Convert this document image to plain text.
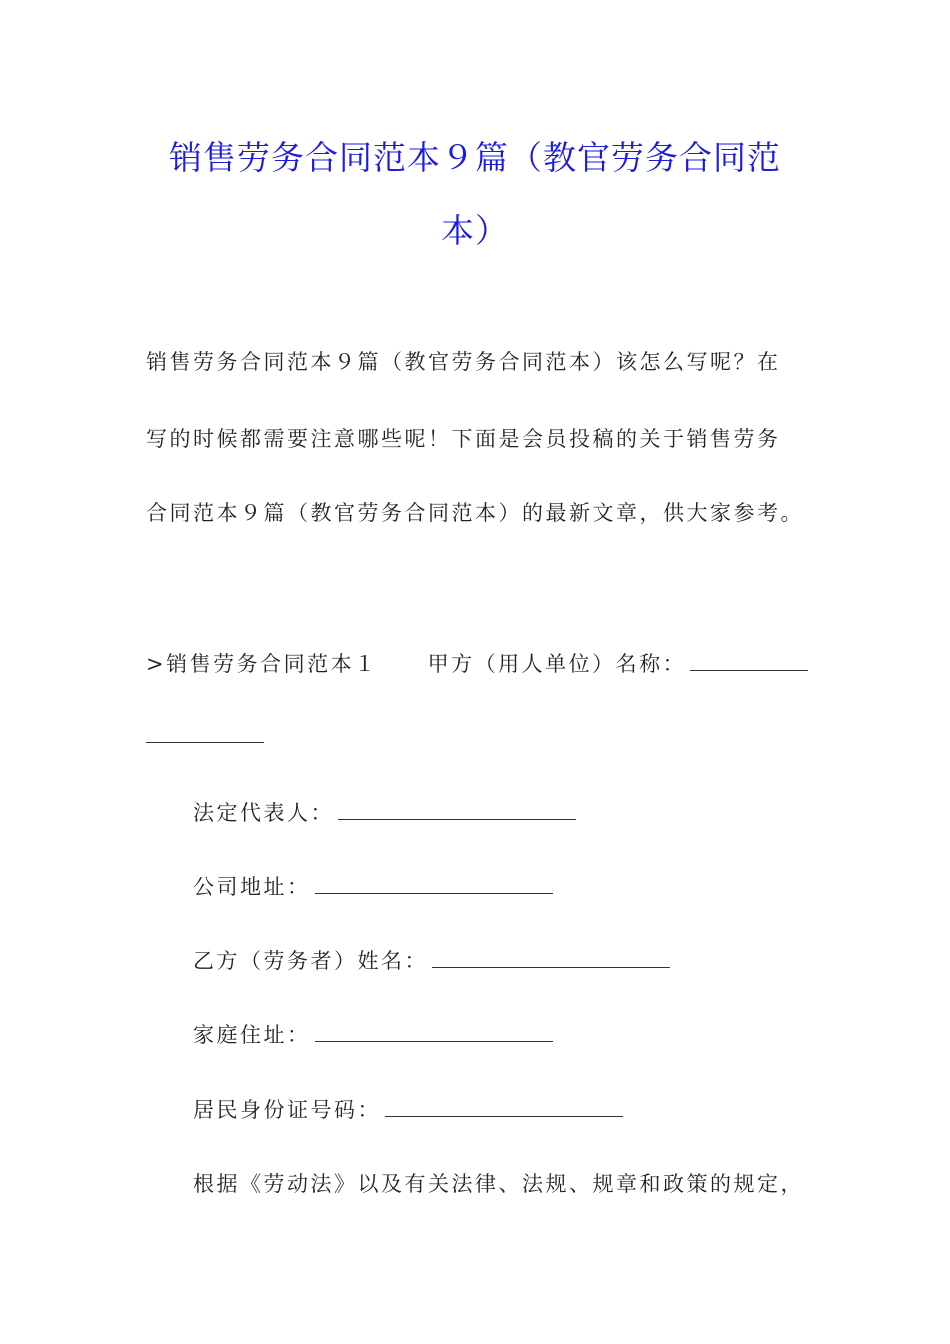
销售劳务合同范本９篇（教官劳务合同范
本）
销售劳务合同范本９篇（教官劳务合同范本）该怎么写呢？在
写的时候都需要注意哪些呢！下面是会员投稿的关于销售劳务
合同范本９篇（教官劳务合同范本）的最新文章，供大家参考。
>销售劳务合同范本１ 甲方（用人单位）名称：
法定代表人：
公司地址：
乙方（劳务者）姓名：
家庭住址：
居民身份证号码：
根据《劳动法》以及有关法律、法规、规章和政策的规定，
